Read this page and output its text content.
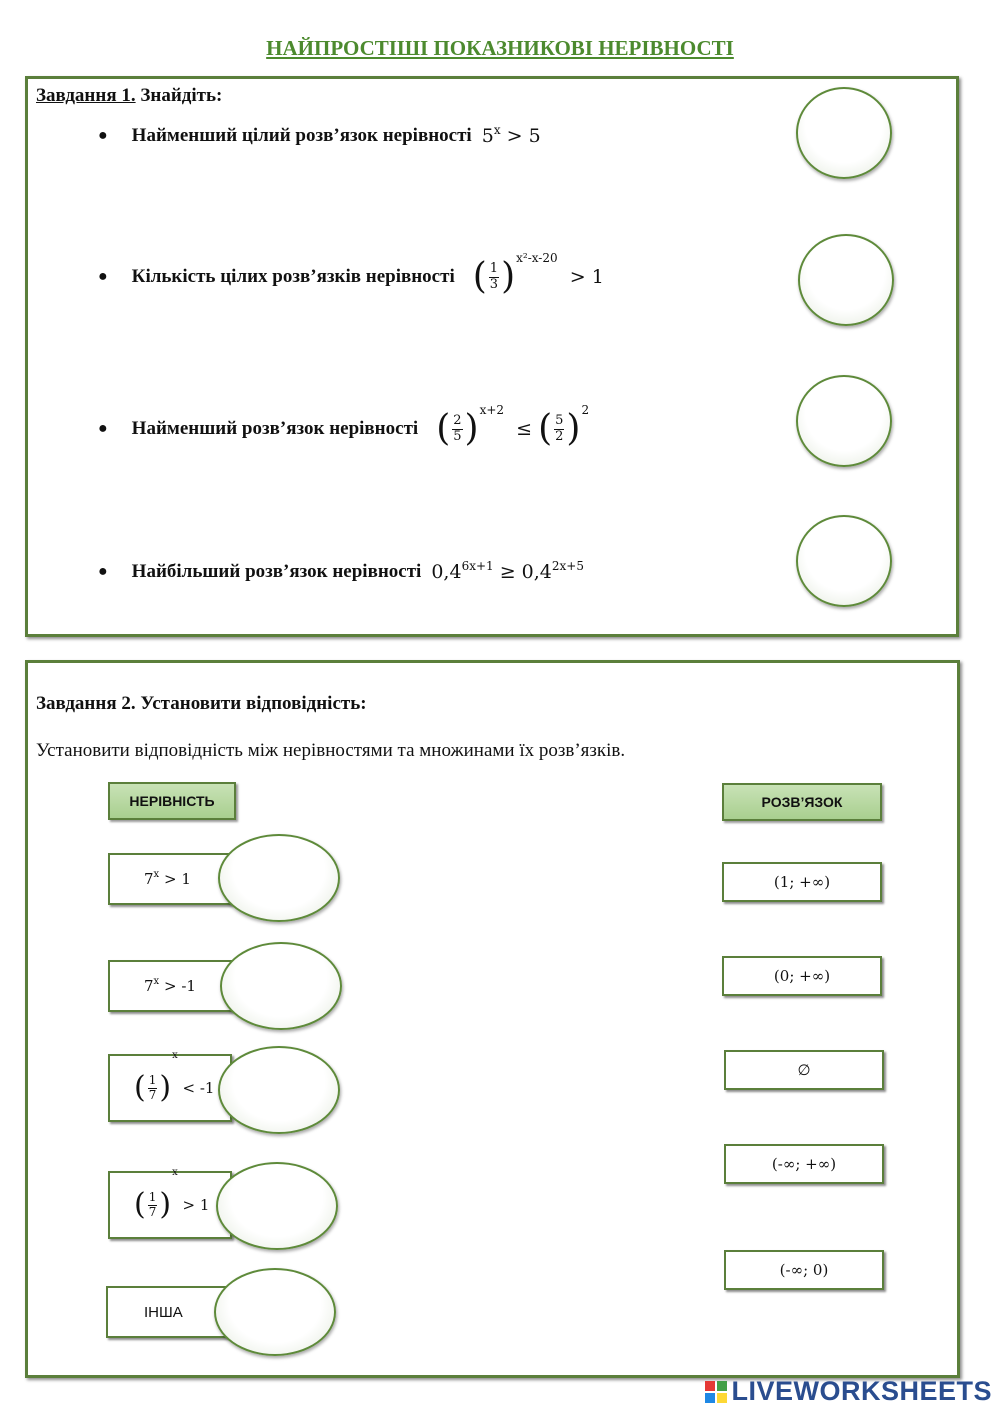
НАЙПРОСТІШІ ПОКАЗНИКОВІ НЕРІВНОСТІ
Завдання 1. Знайдіть:
● Найменший цілий розв’язок нерівності 5$^x$
>
5
● Кількість цілих розв’язків нерівності ( $\frac{1}{3}$ ) x²-x-20

>
1
● Найменший розв’язок нерівності ( $\frac{2}{5}$ ) x+2

≤
( $\frac{5}{2}$ ) 2
● Найбільший розв’язок нерівності $0,4^{6x+1}$
≥
$0,4^{2x+5}$
Завдання 2. Установити відповідність:
Установити відповідність між нерівностями та множинами їх розв’язків.
НЕРІВНІСТЬ	РОЗВ’ЯЗОК
7$^x$
>
1
7$^x$
>
-1
( $\frac{1}{7}$ )
x

<
-1
( $\frac{1}{7}$ )
x

>
1
ІНША
(1; +∞)
(0; +∞)
∅
(-∞; +∞)
(-∞; 0)
LIVEWORKSHEETS
